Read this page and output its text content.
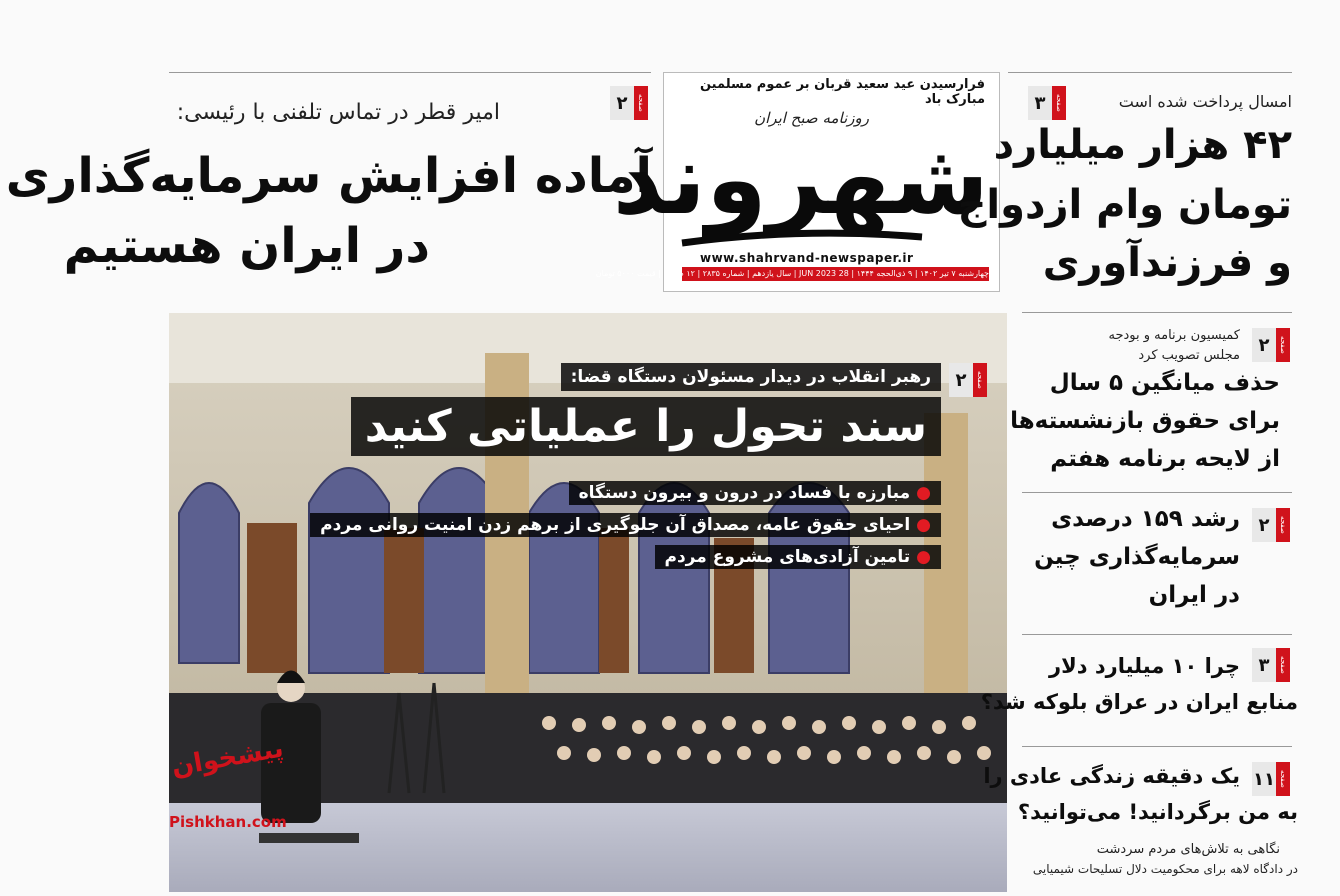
۲	صفحه
امیر قطر در تماس تلفنی با رئیسی:
آماده افزایش سرمایه‌گذاری
در ایران هستیم
فرارسیدن عید سعید قربان بر عموم مسلمین مبارک باد
روزنامه صبح ایران
شهروند
www.shahrvand-newspaper.ir
چهارشنبه ۷ تیر ۱۴۰۲ | ۹ ذی‌الحجه ۱۴۴۴ | 28 JUN 2023 | سال یازدهم | شماره ۲۸۳۵ | ۱۲ صفحه | قیمت ۵۰۰۰ تومان
۳	صفحه	امسال پرداخت شده است
۴۲ هزار میلیارد
تومان وام ازدواج
و فرزندآوری
۲	صفحه
رهبر انقلاب در دیدار مسئولان دستگاه قضا:
سند تحول را عملیاتی کنید
●مبارزه با فساد در درون و بیرون دستگاه
●احیای حقوق عامه، مصداق آن جلوگیری از برهم زدن امنیت روانی مردم
●تامین آزادی‌های مشروع مردم
پیشخوان
Pishkhan.com
۲	صفحه
کمیسیون برنامه و بودجه
مجلس تصویب کرد
حذف میانگین ۵ سال
برای حقوق بازنشسته‌ها
از لایحه برنامه هفتم
۲	صفحه
رشد ۱۵۹ درصدی
سرمایه‌گذاری چین
در ایران
۳	صفحه
چرا ۱۰ میلیارد دلار
منابع ایران در عراق بلوکه شد؟
۱۱ صفحه
یک دقیقه زندگی عادی را
به من برگردانید! می‌توانید؟
نگاهی به تلاش‌های مردم سردشت
در دادگاه لاهه برای محکومیت دلال تسلیحات شیمیایی
